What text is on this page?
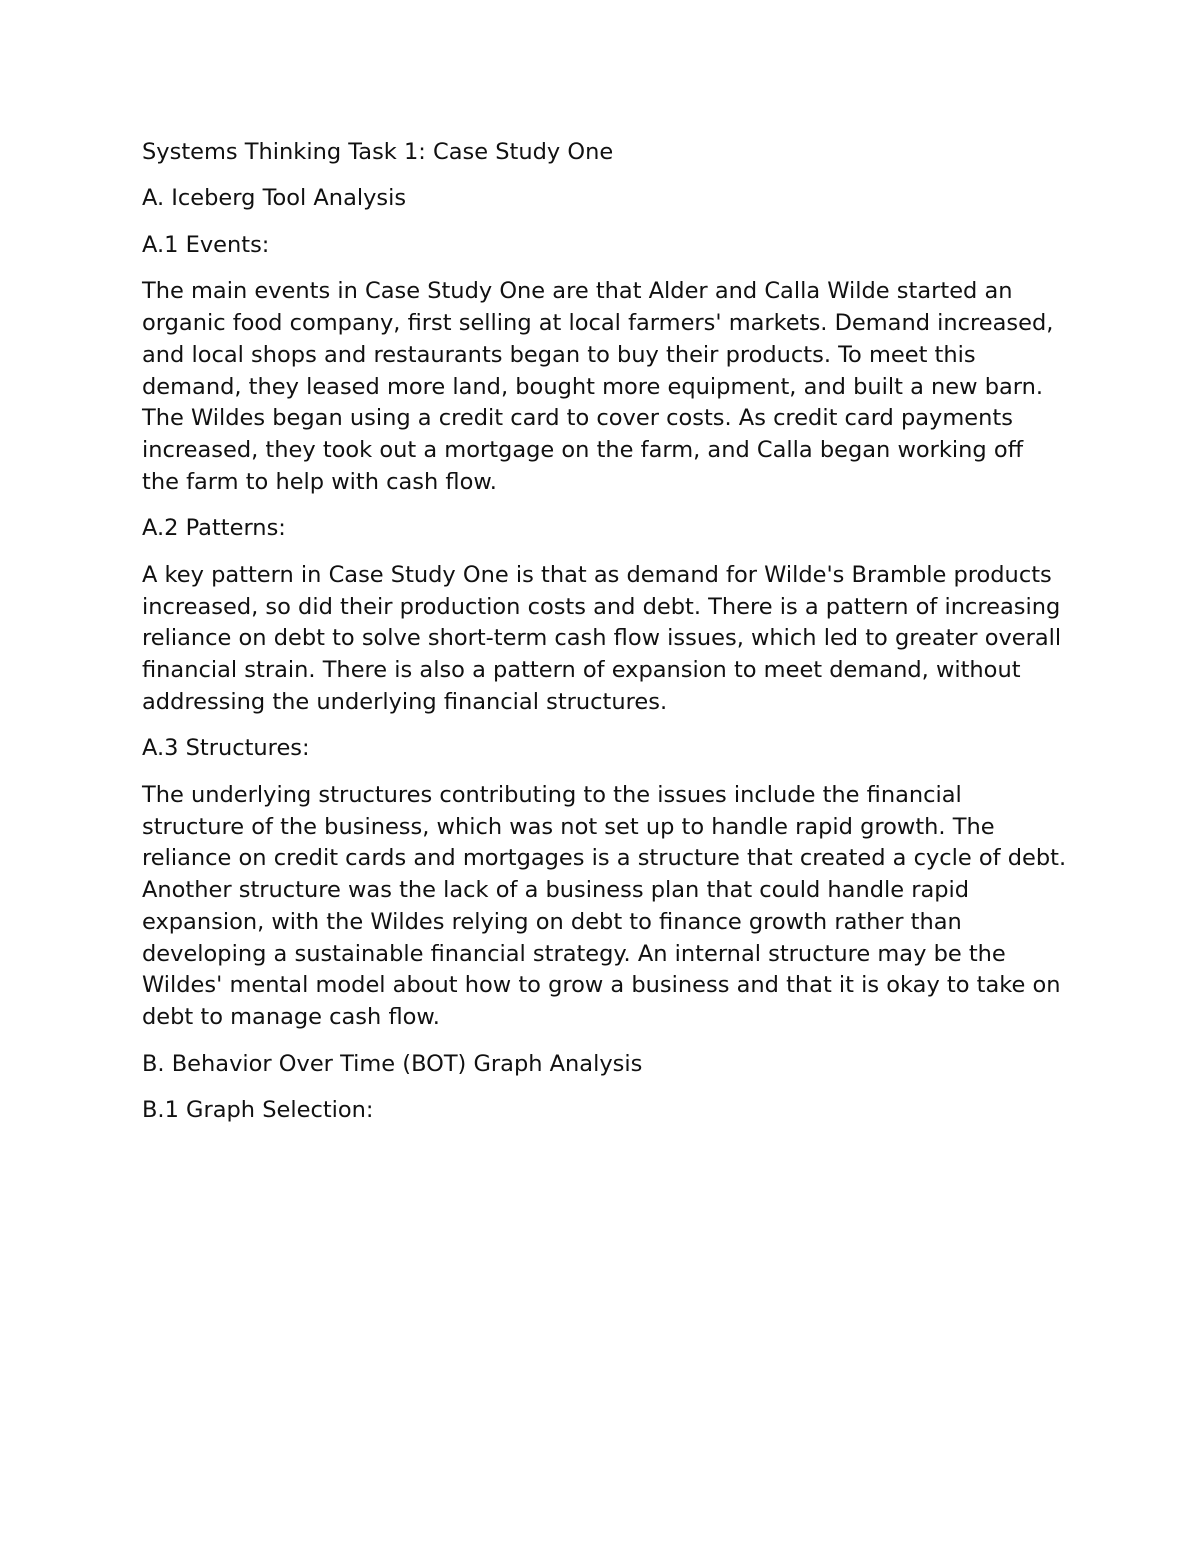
Systems Thinking Task 1: Case Study One

A. Iceberg Tool Analysis

A.1 Events:

The main events in Case Study One are that Alder and Calla Wilde started an organic food company, first selling at local farmers' markets. Demand increased, and local shops and restaurants began to buy their products. To meet this demand, they leased more land, bought more equipment, and built a new barn. The Wildes began using a credit card to cover costs. As credit card payments increased, they took out a mortgage on the farm, and Calla began working off the farm to help with cash flow.

A.2 Patterns:

A key pattern in Case Study One is that as demand for Wilde's Bramble products increased, so did their production costs and debt. There is a pattern of increasing reliance on debt to solve short-term cash flow issues, which led to greater overall financial strain. There is also a pattern of expansion to meet demand, without addressing the underlying financial structures.

A.3 Structures:

The underlying structures contributing to the issues include the financial structure of the business, which was not set up to handle rapid growth. The reliance on credit cards and mortgages is a structure that created a cycle of debt. Another structure was the lack of a business plan that could handle rapid expansion, with the Wildes relying on debt to finance growth rather than developing a sustainable financial strategy. An internal structure may be the Wildes' mental model about how to grow a business and that it is okay to take on debt to manage cash flow.

B. Behavior Over Time (BOT) Graph Analysis

B.1 Graph Selection:
